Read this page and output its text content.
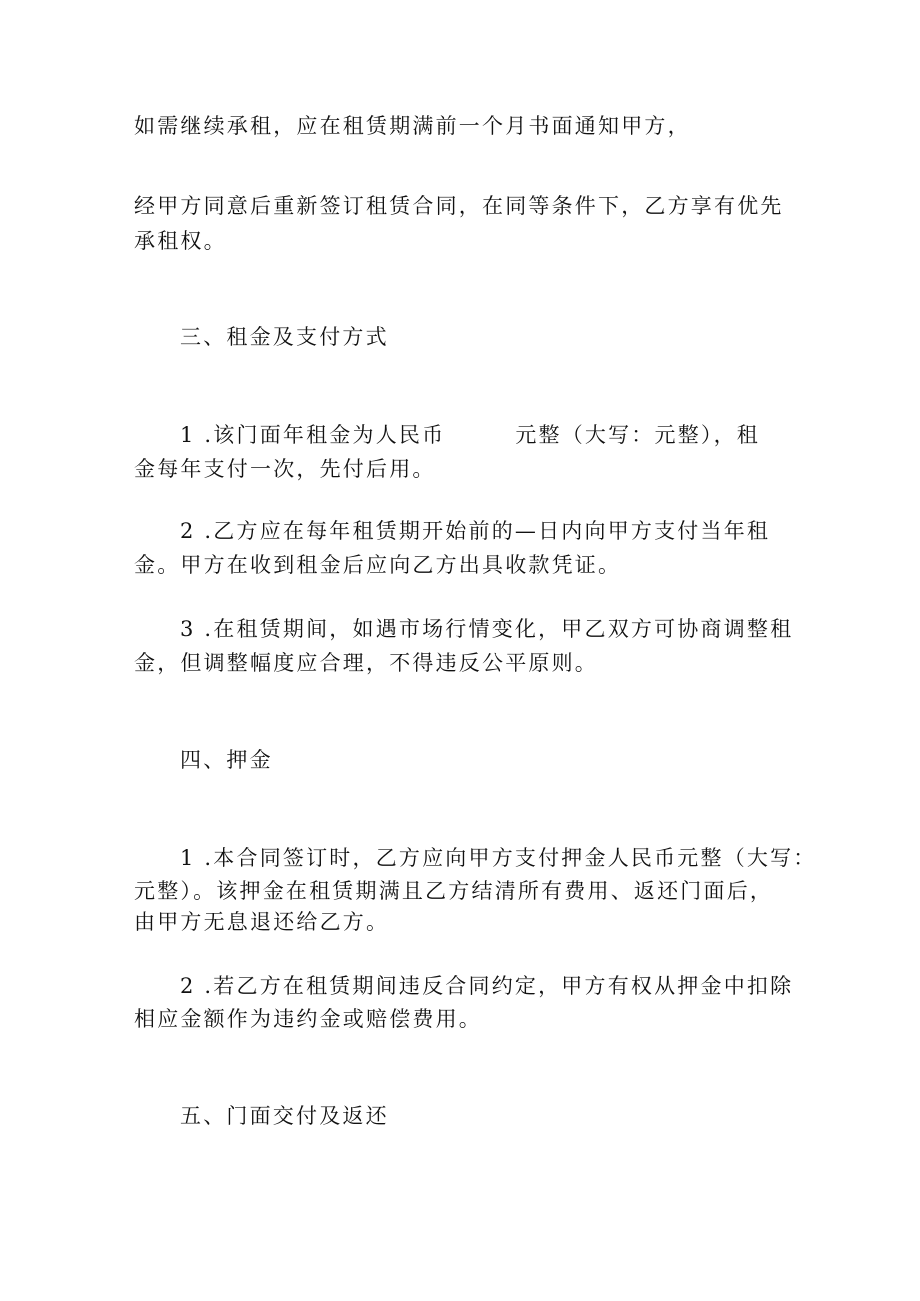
如需继续承租，应在租赁期满前一个月书面通知甲方，
经甲方同意后重新签订租赁合同，在同等条件下，乙方享有优先
承租权。
三、租金及支付方式
1 .该门面年租金为人民币	元整（大写：元整），租
金每年支付一次，先付后用。
2 .乙方应在每年租赁期开始前的—日内向甲方支付当年租
金。甲方在收到租金后应向乙方出具收款凭证。
3 .在租赁期间，如遇市场行情变化，甲乙双方可协商调整租
金，但调整幅度应合理，不得违反公平原则。
四、押金
1 .本合同签订时，乙方应向甲方支付押金人民币元整（大写：
元整）。该押金在租赁期满且乙方结清所有费用、返还门面后，
由甲方无息退还给乙方。
2 .若乙方在租赁期间违反合同约定，甲方有权从押金中扣除
相应金额作为违约金或赔偿费用。
五、门面交付及返还
